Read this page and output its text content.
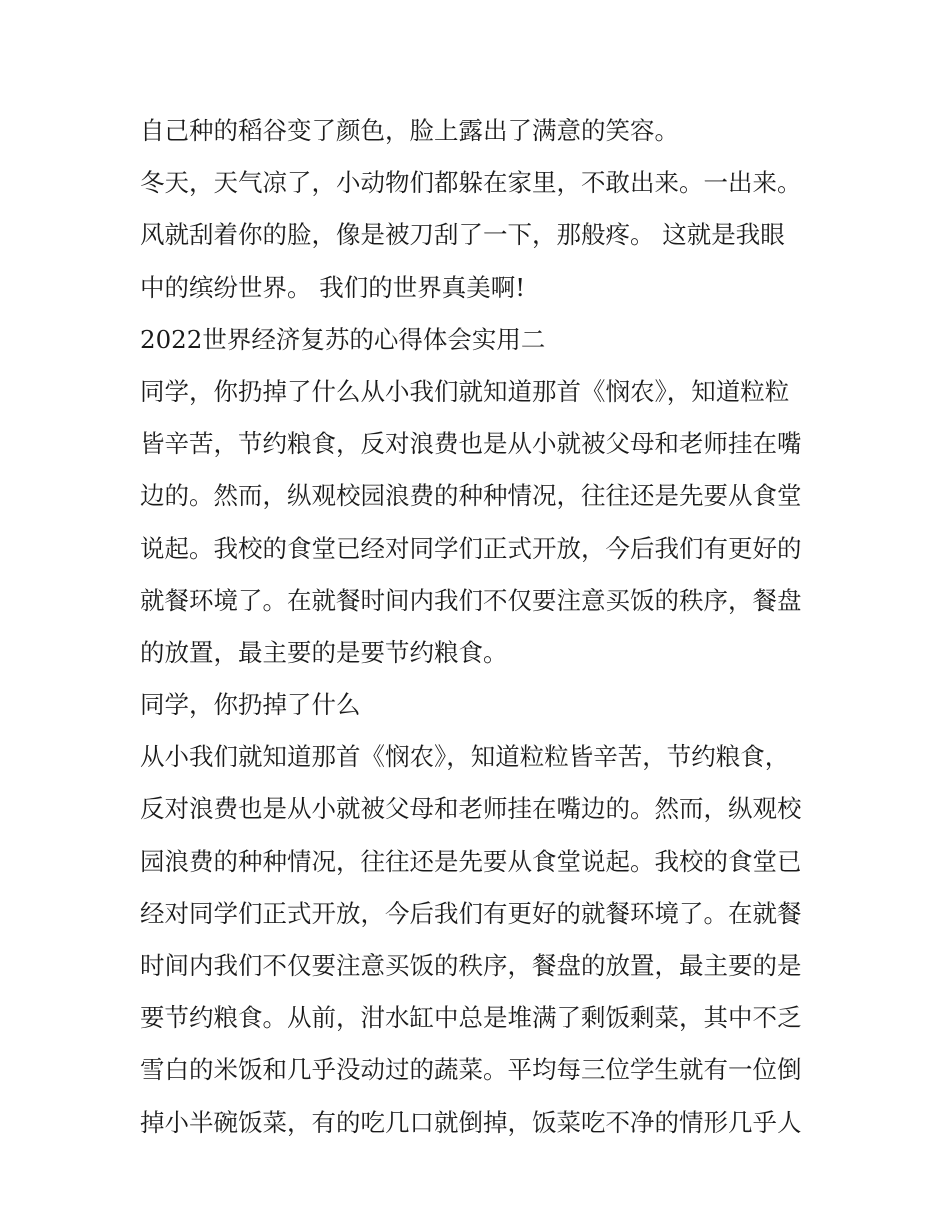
自己种的稻谷变了颜色，脸上露出了满意的笑容。
冬天，天气凉了，小动物们都躲在家里，不敢出来。一出来。
风就刮着你的脸，像是被刀刮了一下，那般疼。 这就是我眼
中的缤纷世界。 我们的世界真美啊!
2022世界经济复苏的心得体会实用二
同学，你扔掉了什么从小我们就知道那首《悯农》，知道粒粒
皆辛苦，节约粮食，反对浪费也是从小就被父母和老师挂在嘴
边的。然而，纵观校园浪费的种种情况，往往还是先要从食堂
说起。我校的食堂已经对同学们正式开放，今后我们有更好的
就餐环境了。在就餐时间内我们不仅要注意买饭的秩序，餐盘
的放置，最主要的是要节约粮食。
同学，你扔掉了什么
从小我们就知道那首《悯农》，知道粒粒皆辛苦，节约粮食，
反对浪费也是从小就被父母和老师挂在嘴边的。然而，纵观校
园浪费的种种情况，往往还是先要从食堂说起。我校的食堂已
经对同学们正式开放，今后我们有更好的就餐环境了。在就餐
时间内我们不仅要注意买饭的秩序，餐盘的放置，最主要的是
要节约粮食。从前，泔水缸中总是堆满了剩饭剩菜，其中不乏
雪白的米饭和几乎没动过的蔬菜。平均每三位学生就有一位倒
掉小半碗饭菜，有的吃几口就倒掉，饭菜吃不净的情形几乎人
